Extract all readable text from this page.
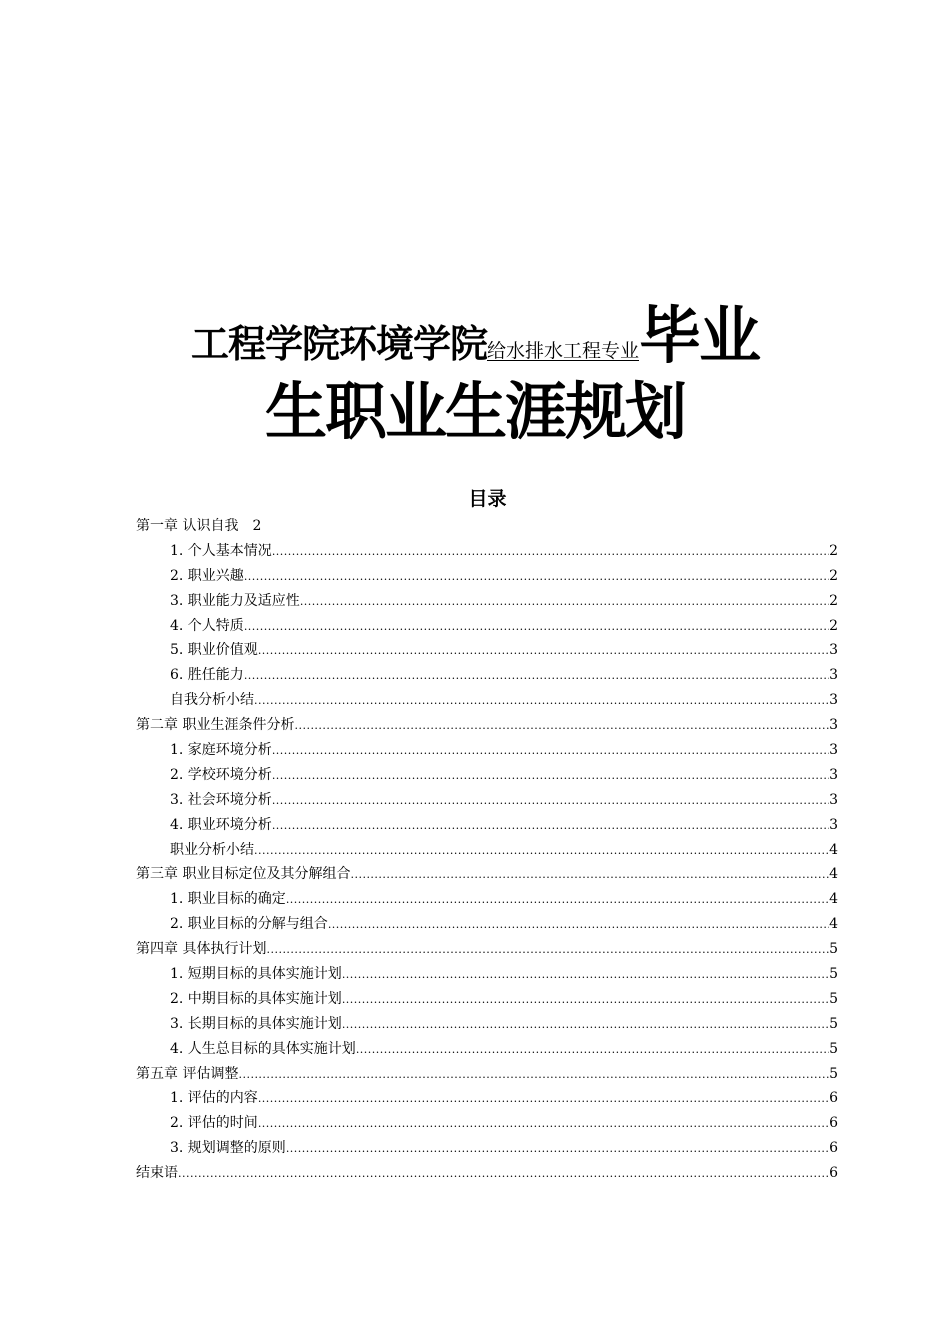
工程学院环境学院给水排水工程专业毕业
生职业生涯规划
目录
第一章 认识自我 2
1. 个人基本情况 .....	2
2. 职业兴趣 .....	2
3. 职业能力及适应性 .....	2
4. 个人特质 .....	2
5. 职业价值观 .....	3
6. 胜任能力 .....	3
自我分析小结 .....	3
第二章 职业生涯条件分析 .....	3
1. 家庭环境分析 .....	3
2. 学校环境分析 .....	3
3. 社会环境分析 .....	3
4. 职业环境分析 .....	3
职业分析小结 .....	4
第三章 职业目标定位及其分解组合 .....	4
1. 职业目标的确定 .....	4
2. 职业目标的分解与组合 .....	4
第四章 具体执行计划 .....	5
1. 短期目标的具体实施计划 .....	5
2. 中期目标的具体实施计划 .....	5
3. 长期目标的具体实施计划 .....	5
4. 人生总目标的具体实施计划 .....	5
第五章 评估调整 .....	5
1. 评估的内容 .....	6
2. 评估的时间 .....	6
3. 规划调整的原则 .....	6
结束语 .....	6
